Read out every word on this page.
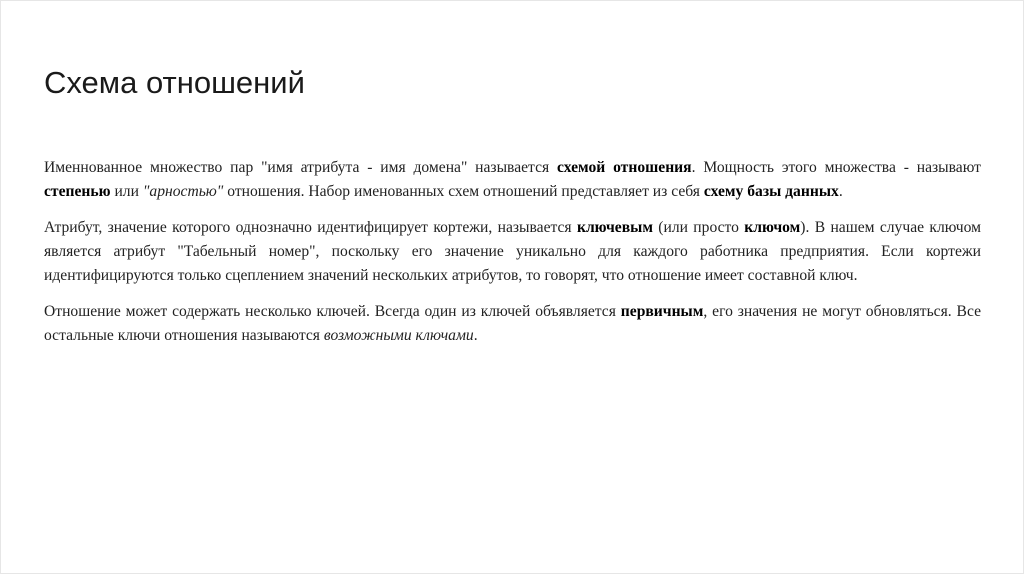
Схема отношений

Именнованное множество пар "имя атрибута - имя домена" называется схемой отношения. Мощность этого множества - называют степенью или "арностью" отношения. Набор именованных схем отношений представляет из себя схему базы данных.

Атрибут, значение которого однозначно идентифицирует кортежи, называется ключевым (или просто ключом). В нашем случае ключом является атрибут "Табельный номер", поскольку его значение уникально для каждого работника предприятия. Если кортежи идентифицируются только сцеплением значений нескольких атрибутов, то говорят, что отношение имеет составной ключ.

Отношение может содержать несколько ключей. Всегда один из ключей объявляется первичным, его значения не могут обновляться. Все остальные ключи отношения называются возможными ключами.
